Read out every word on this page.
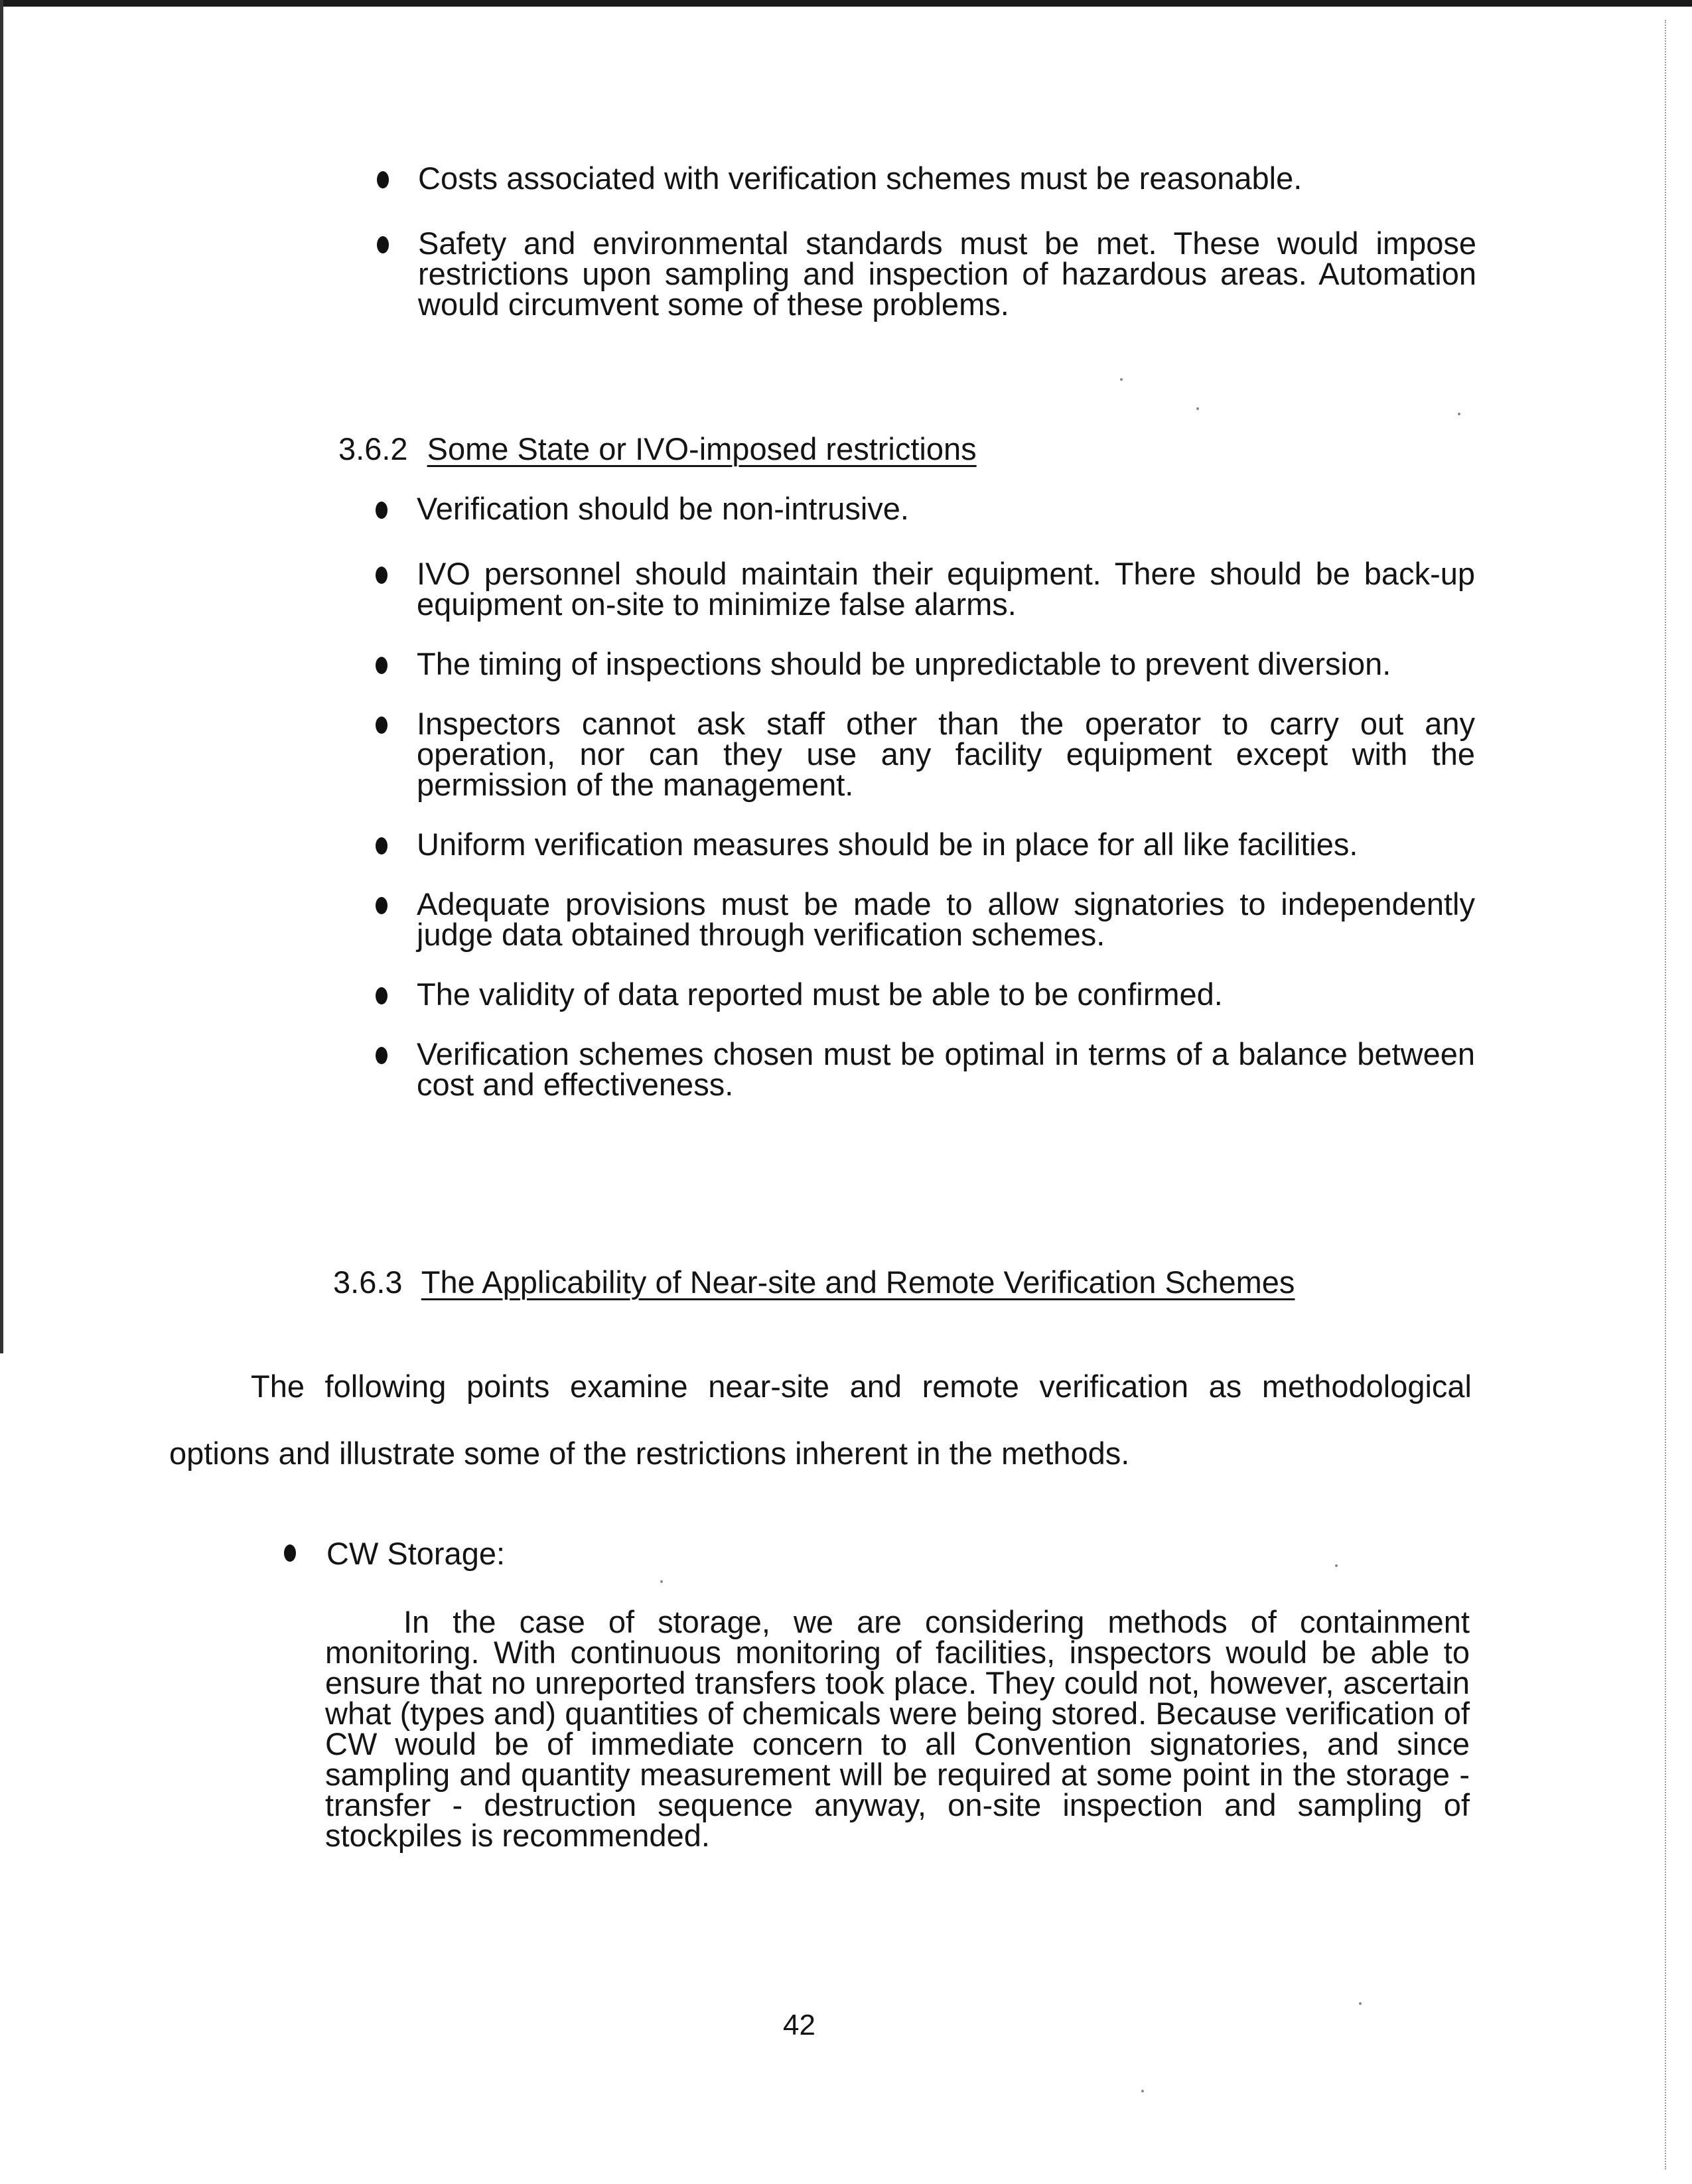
Costs associated with verification schemes must be reasonable.
Safety and environmental standards must be met. These would impose restrictions upon sampling and inspection of hazardous areas. Automation would circumvent some of these problems.
3.6.2 Some State or IVO-imposed restrictions
Verification should be non-intrusive.
IVO personnel should maintain their equipment. There should be back-up equipment on-site to minimize false alarms.
The timing of inspections should be unpredictable to prevent diversion.
Inspectors cannot ask staff other than the operator to carry out any operation, nor can they use any facility equipment except with the permission of the management.
Uniform verification measures should be in place for all like facilities.
Adequate provisions must be made to allow signatories to independently judge data obtained through verification schemes.
The validity of data reported must be able to be confirmed.
Verification schemes chosen must be optimal in terms of a balance between cost and effectiveness.
3.6.3 The Applicability of Near-site and Remote Verification Schemes
The following points examine near-site and remote verification as methodological
options and illustrate some of the restrictions inherent in the methods.
CW Storage:
In the case of storage, we are considering methods of containment monitoring. With continuous monitoring of facilities, inspectors would be able to ensure that no unreported transfers took place. They could not, however, ascertain what (types and) quantities of chemicals were being stored. Because verification of CW would be of immediate concern to all Convention signatories, and since sampling and quantity measurement will be required at some point in the storage - transfer - destruction sequence anyway, on-site inspection and sampling of stockpiles is recommended.
42
